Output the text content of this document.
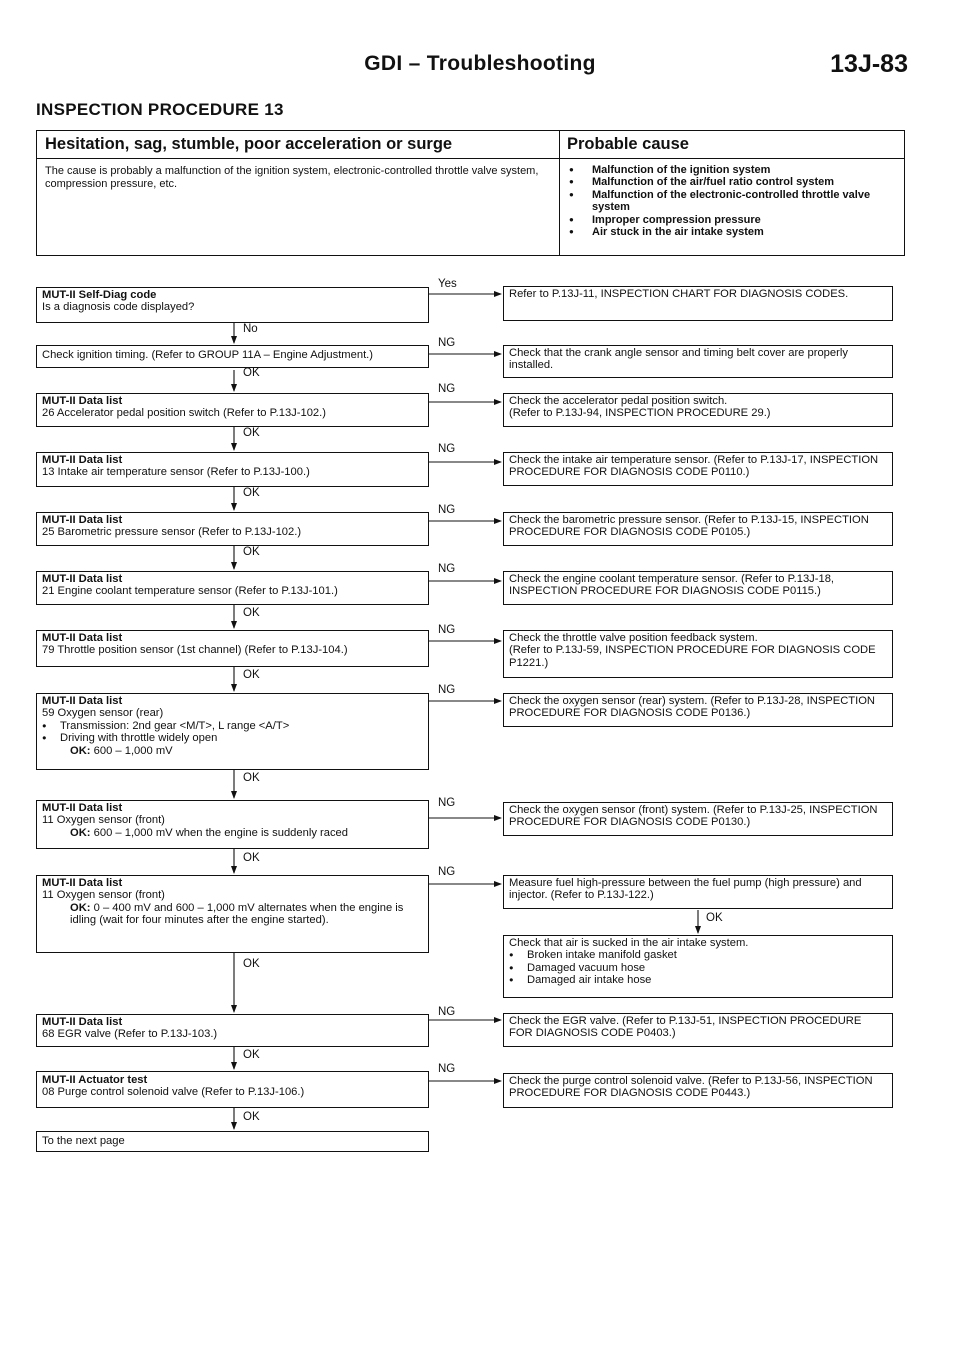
GDI – Troubleshooting	13J-83
INSPECTION PROCEDURE 13
Hesitation, sag, stumble, poor acceleration or surge	Probable cause
The cause is probably a malfunction of the ignition system, electronic-controlled throttle valve system, compression pressure, etc.
● Malfunction of the ignition system
● Malfunction of the air/fuel ratio control system
● Malfunction of the electronic-controlled throttle valve system
● Improper compression pressure
● Air stuck in the air intake system
Yes
No
NG
NG
NG
NG
NG
NG
NG
NG
NG
NG
NG
OK
OK
OK
OK
OK
OK
OK
OK
OK
OK
OK
OK
MUT-II Self-Diag code
Is a diagnosis code displayed?
Check ignition timing. (Refer to GROUP 11A – Engine Adjustment.)
MUT-II Data list
26 Accelerator pedal position switch (Refer to P.13J-102.)
MUT-II Data list
13 Intake air temperature sensor (Refer to P.13J-100.)
MUT-II Data list
25 Barometric pressure sensor (Refer to P.13J-102.)
MUT-II Data list
21 Engine coolant temperature sensor (Refer to P.13J-101.)
MUT-II Data list
79 Throttle position sensor (1st channel) (Refer to P.13J-104.)
MUT-II Data list
59 Oxygen sensor (rear)
● Transmission: 2nd gear <M/T>, L range <A/T>
● Driving with throttle widely open
OK: 600 – 1,000 mV
MUT-II Data list
11 Oxygen sensor (front)
OK: 600 – 1,000 mV when the engine is suddenly raced
MUT-II Data list
11 Oxygen sensor (front)
OK: 0 – 400 mV and 600 – 1,000 mV alternates when the engine is idling (wait for four minutes after the engine started).
MUT-II Data list
68 EGR valve (Refer to P.13J-103.)
MUT-II Actuator test
08 Purge control solenoid valve (Refer to P.13J-106.)
To the next page
Refer to P.13J-11, INSPECTION CHART FOR DIAGNOSIS CODES.
Check that the crank angle sensor and timing belt cover are properly installed.
Check the accelerator pedal position switch.
(Refer to P.13J-94, INSPECTION PROCEDURE 29.)
Check the intake air temperature sensor. (Refer to P.13J-17, INSPECTION PROCEDURE FOR DIAGNOSIS CODE P0110.)
Check the barometric pressure sensor. (Refer to P.13J-15, INSPECTION PROCEDURE FOR DIAGNOSIS CODE P0105.)
Check the engine coolant temperature sensor. (Refer to P.13J-18, INSPECTION PROCEDURE FOR DIAGNOSIS CODE P0115.)
Check the throttle valve position feedback system.
(Refer to P.13J-59, INSPECTION PROCEDURE FOR DIAGNOSIS CODE P1221.)
Check the oxygen sensor (rear) system. (Refer to P.13J-28, INSPECTION PROCEDURE FOR DIAGNOSIS CODE P0136.)
Check the oxygen sensor (front) system. (Refer to P.13J-25, INSPECTION PROCEDURE FOR DIAGNOSIS CODE P0130.)
Measure fuel high-pressure between the fuel pump (high pressure) and injector. (Refer to P.13J-122.)
Check that air is sucked in the air intake system.
● Broken intake manifold gasket
● Damaged vacuum hose
● Damaged air intake hose
Check the EGR valve. (Refer to P.13J-51, INSPECTION PROCEDURE FOR DIAGNOSIS CODE P0403.)
Check the purge control solenoid valve. (Refer to P.13J-56, INSPECTION PROCEDURE FOR DIAGNOSIS CODE P0443.)
